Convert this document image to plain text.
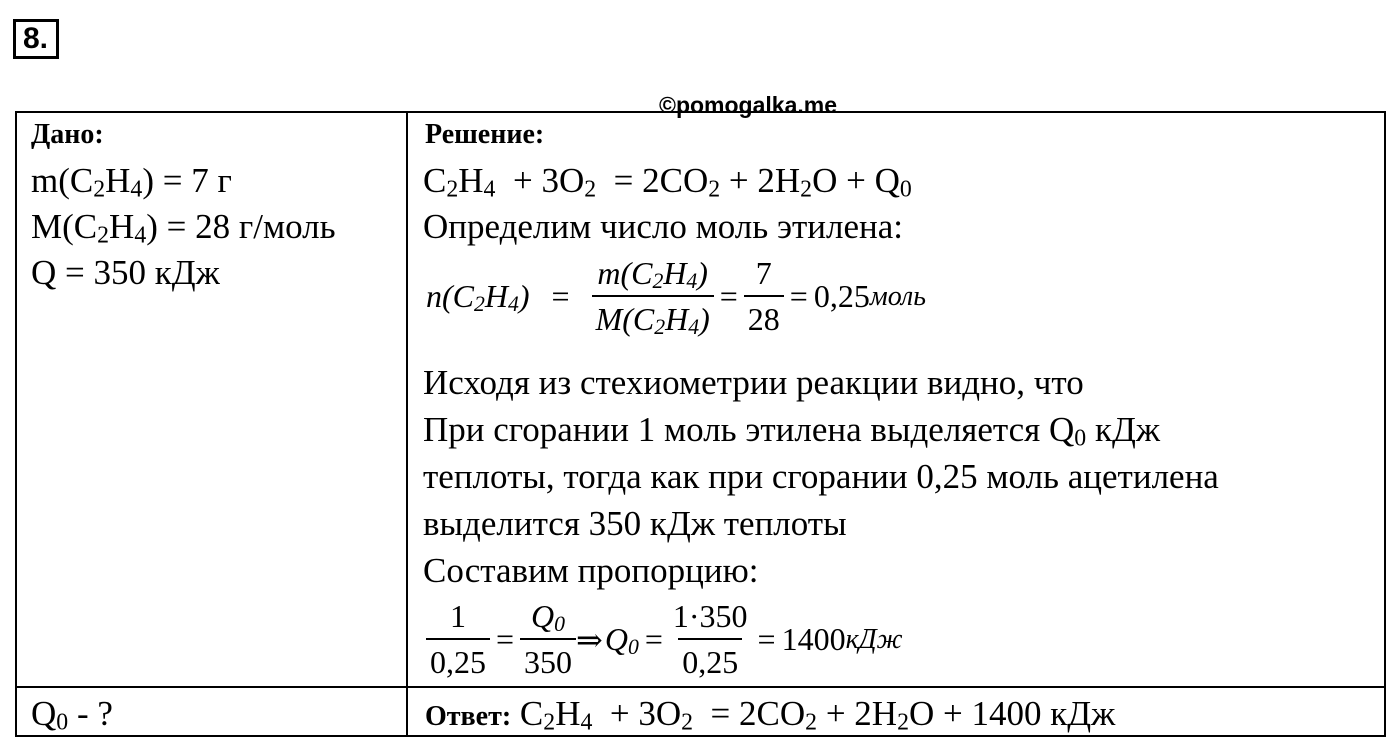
8.
©pomogalka.me
Дано:
$m(C_2H_4) = 7$ г
$M(C_2H_4) = 28$ г/моль
Q = 350 кДж
$Q_0$ - ?
Решение:
$C_2H_4 + 3O_2 = 2CO_2 + 2H_2O + Q_0$
Определим число моль этилена:
$n(C_2H_4) = \frac{m(C_2H_4)}{M(C_2H_4)} = \frac{7}{28} = 0,25$ моль
Исходя из стехиометрии реакции видно, что
При сгорании 1 моль этилена выделяется $Q_0$ кДж
теплоты, тогда как при сгорании 0,25 моль ацетилена
выделится 350 кДж теплоты
Составим пропорцию:
$\frac{1}{0,25} = \frac{Q_0}{350}$ ⇒ $Q_0 = \frac{1\cdot 350}{0,25} = 1400$ кДж
Ответ: $C_2H_4 + 3O_2 = 2CO_2 + 2H_2O + 1400$ кДж
